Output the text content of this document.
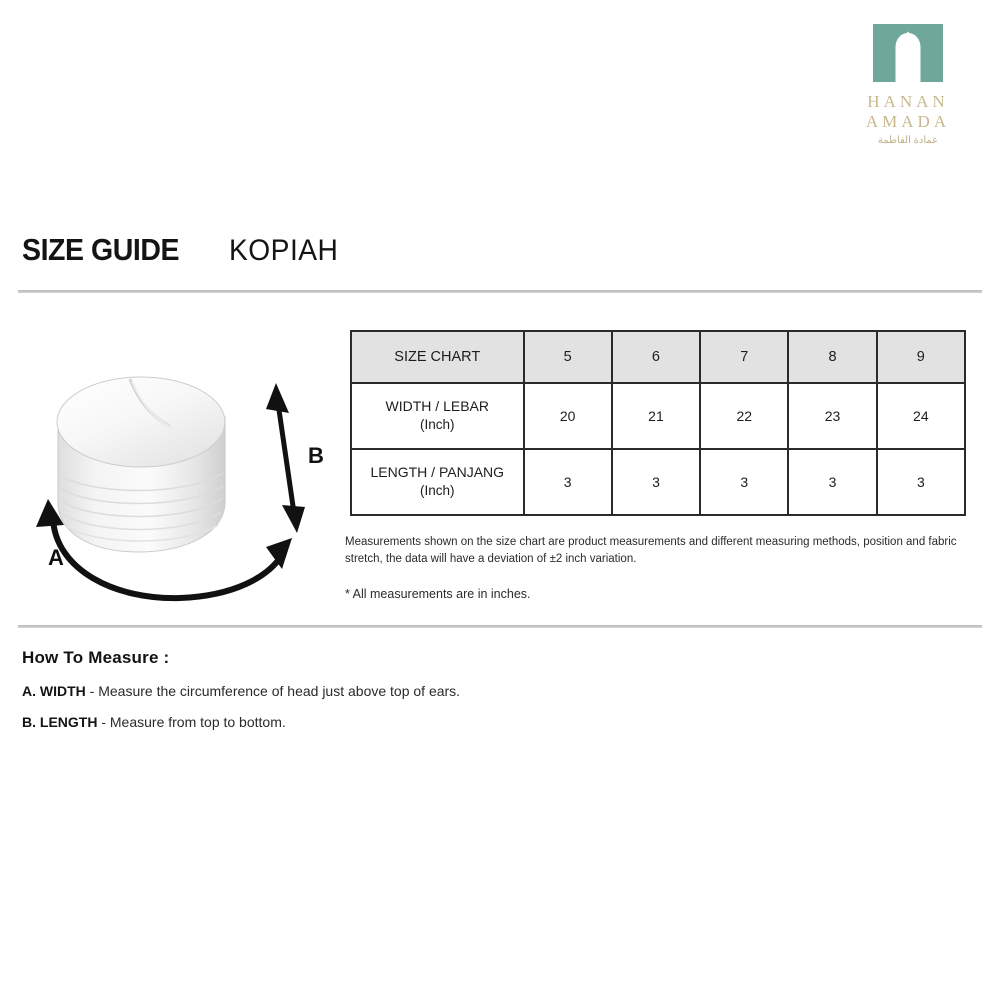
HANAN
AMADA
عمادة الفاطمة
SIZE GUIDE KOPIAH
B
A
SIZE CHART	5	6	7	8	9
WIDTH / LEBAR
(Inch)	20	21	22	23	24
LENGTH / PANJANG
(Inch)	3	3	3	3	3
Measurements shown on the size chart are product measurements and different measuring methods, position and fabric stretch, the data will have a deviation of ±2 inch variation.
* All measurements are in inches.
How To Measure :
A. WIDTH - Measure the circumference of head just above top of ears.
B. LENGTH - Measure from top to bottom.
